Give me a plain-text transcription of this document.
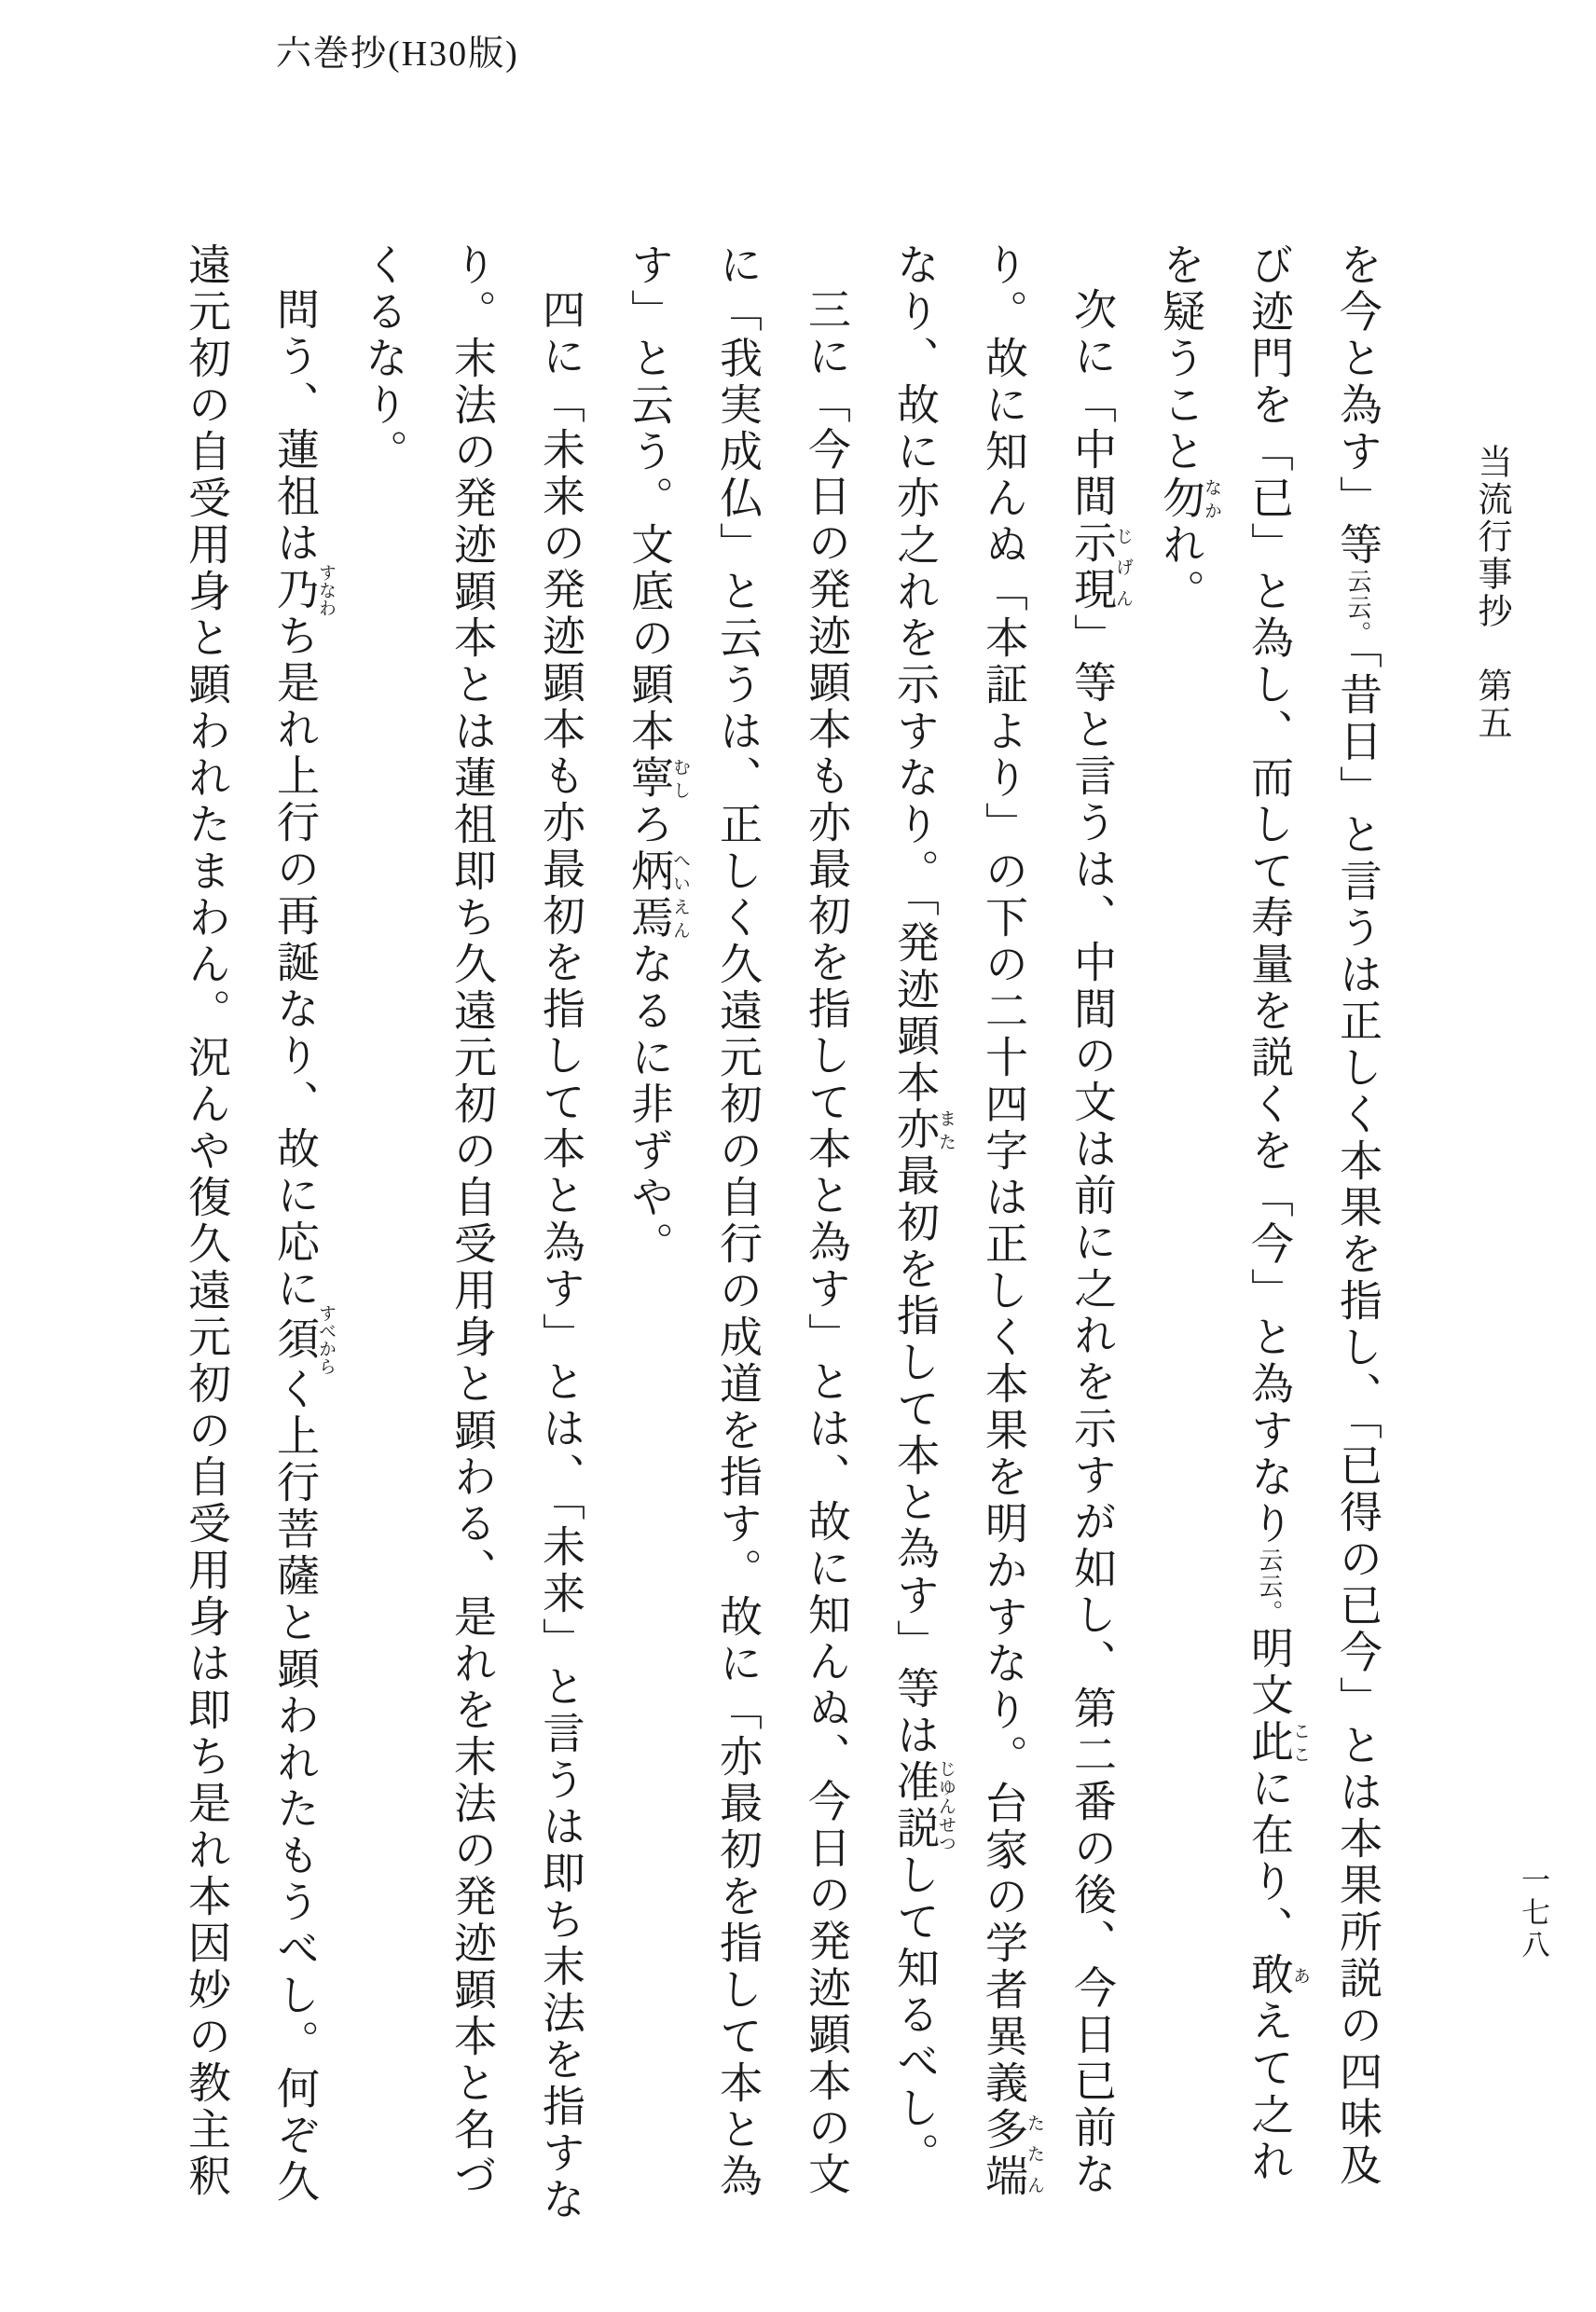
六巻抄(H30版)
当流行事抄　第五
を今と為す」等云云。「昔日」と言うは正しく本果を指し、「已得の已今」とは本果所説の四味及
び迹門を「已」と為し、而して寿量を説くを「今」と為すなり云云。明文此ここに在り、敢あえて之れ
を疑うこと勿なかれ。
次に「中間示現じげん」等と言うは、中間の文は前に之れを示すが如し、第二番の後、今日已前な
り。故に知んぬ「本証より」の下の二十四字は正しく本果を明かすなり。台家の学者異義多端たたん
なり、故に亦之れを示すなり。「発迹顕本亦また最初を指して本と為す」等は准説じゆんせつして知るべし。
三に「今日の発迹顕本も亦最初を指して本と為す」とは、故に知んぬ、今日の発迹顕本の文
に「我実成仏」と云うは、正しく久遠元初の自行の成道を指す。故に「亦最初を指して本と為
す」と云う。文底の顕本寧むしろ炳焉へいえんなるに非ずや。
四に「未来の発迹顕本も亦最初を指して本と為す」とは、「未来」と言うは即ち末法を指すな
り。末法の発迹顕本とは蓮祖即ち久遠元初の自受用身と顕わる、是れを末法の発迹顕本と名づ
くるなり。
問う、蓮祖は乃すなわち是れ上行の再誕なり、故に応に須すべからく上行菩薩と顕われたもうべし。何ぞ久
遠元初の自受用身と顕われたまわん。況んや復久遠元初の自受用身は即ち是れ本因妙の教主釈	一七八
